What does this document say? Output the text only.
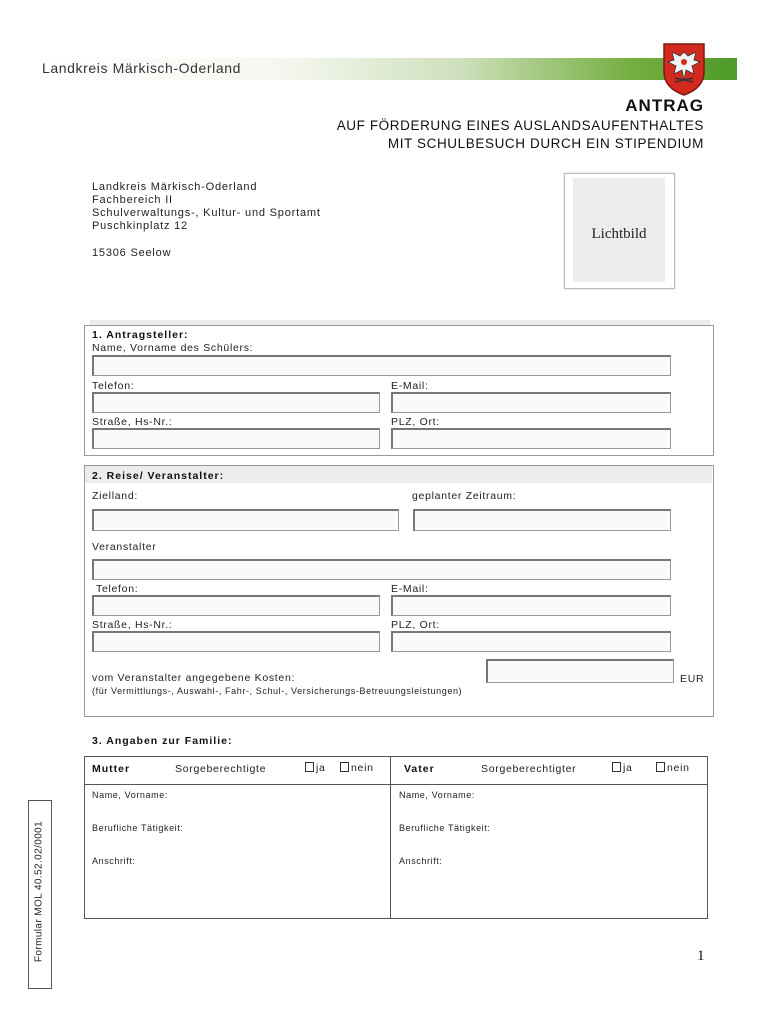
Landkreis Märkisch-Oderland
ANTRAG
AUF FÖRDERUNG EINES AUSLANDSAUFENTHALTES
MIT SCHULBESUCH DURCH EIN STIPENDIUM
Landkreis Märkisch-Oderland
Fachbereich II
Schulverwaltungs-, Kultur- und Sportamt
Puschkinplatz 12
15306 Seelow
Lichtbild
1. Antragsteller:
Name, Vorname des Schülers:
Telefon:	E-Mail:
Straße, Hs-Nr.:	PLZ, Ort:
2. Reise/ Veranstalter:
Zielland:	geplanter Zeitraum:
Veranstalter
Telefon:	E-Mail:
Straße, Hs-Nr.:	PLZ, Ort:
vom Veranstalter angegebene Kosten:	EUR
(für Vermittlungs-, Auswahl-, Fahr-, Schul-, Versicherungs-Betreuungsleistungen)
3. Angaben zur Familie:
Mutter	Sorgeberechtigte	ja	nein	Vater	Sorgeberechtigter	ja	nein
Name, Vorname:	Name, Vorname:
Berufliche Tätigkeit:	Berufliche Tätigkeit:
Anschrift:	Anschrift:
Formular MOL 40.52.02/0001	1
